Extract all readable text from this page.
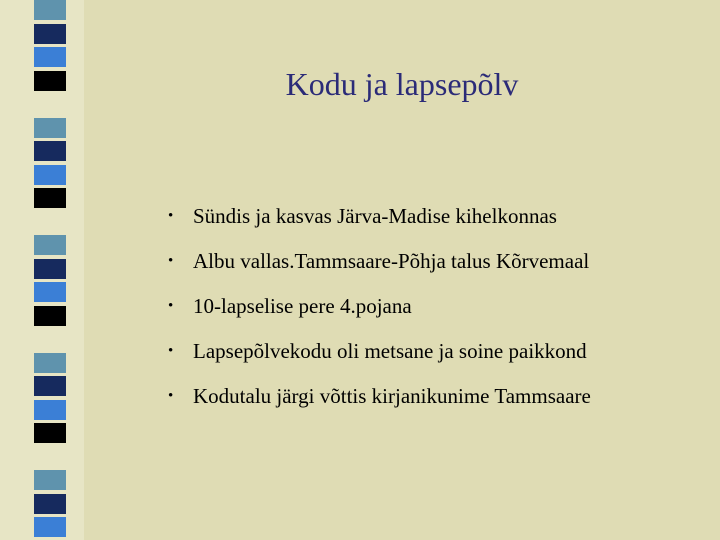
Kodu ja lapsepõlv
• Sündis ja kasvas Järva-Madise kihelkonnas
• Albu vallas.Tammsaare-Põhja talus Kõrvemaal
• 10-lapselise pere 4.pojana
• Lapsepõlvekodu oli metsane ja soine paikkond
• Kodutalu järgi võttis kirjanikunime Tammsaare
